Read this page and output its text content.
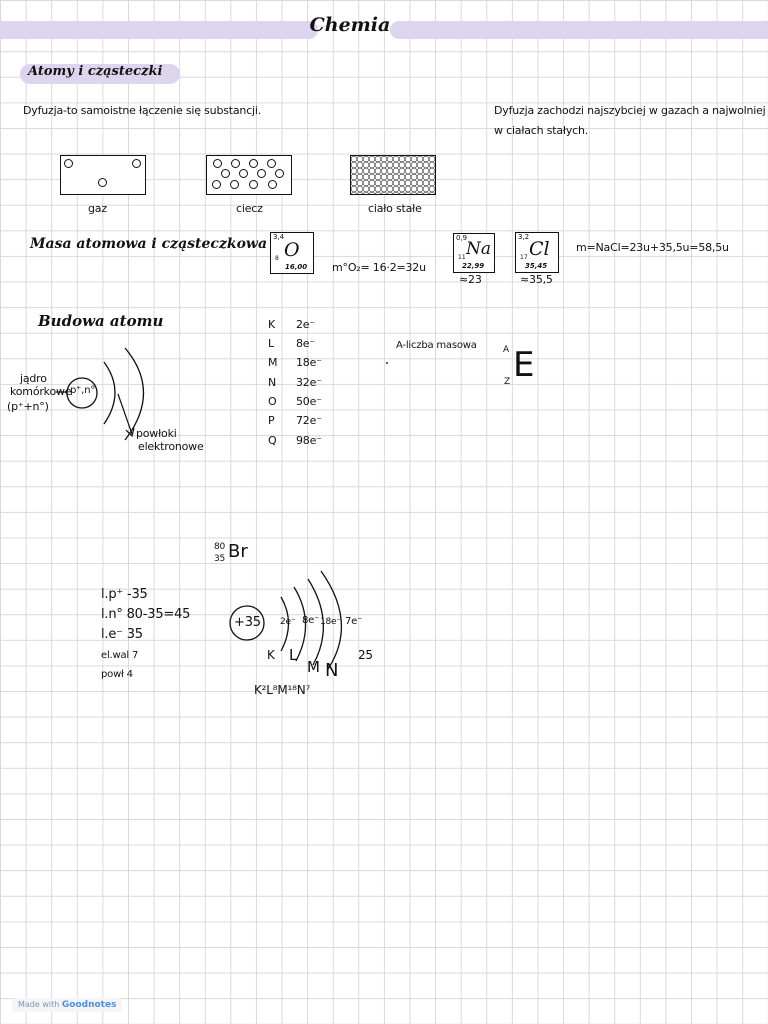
Chemia
Atomy i cząsteczki
Dyfuzja-to samoistne łączenie się substancji.	Dyfuzja zachodzi najszybciej w gazach a najwolniej
w ciałach stałych.
gaz	ciecz	ciało stałe
Masa atomowa i cząsteczkowa 3,4
8 O
16,00 m°O₂= 16·2=32u
0,9
11 Na
22,99
≈23
3,2
17 Cl
35,45
≈35,5
m=NaCl=23u+35,5u=58,5u
Budowa atomu
jądro
komórkowe
(p⁺+n°)
p⁺,n°
powłoki
elektronowe
K 2e⁻
L 8e⁻
M 18e⁻
N 32e⁻
O 50e⁻
P 72e⁻
Q 98e⁻
A-liczba masowa	A
Z E
80
35 Br
l.p⁺ -35
l.n° 80-35=45
l.e⁻ 35
el.wal 7
powł 4
+35 2e⁻ 8e⁻ 18e⁻ 7e⁻
K L
M N
25
K²L⁸M¹⁸N⁷
Made with Goodnotes
